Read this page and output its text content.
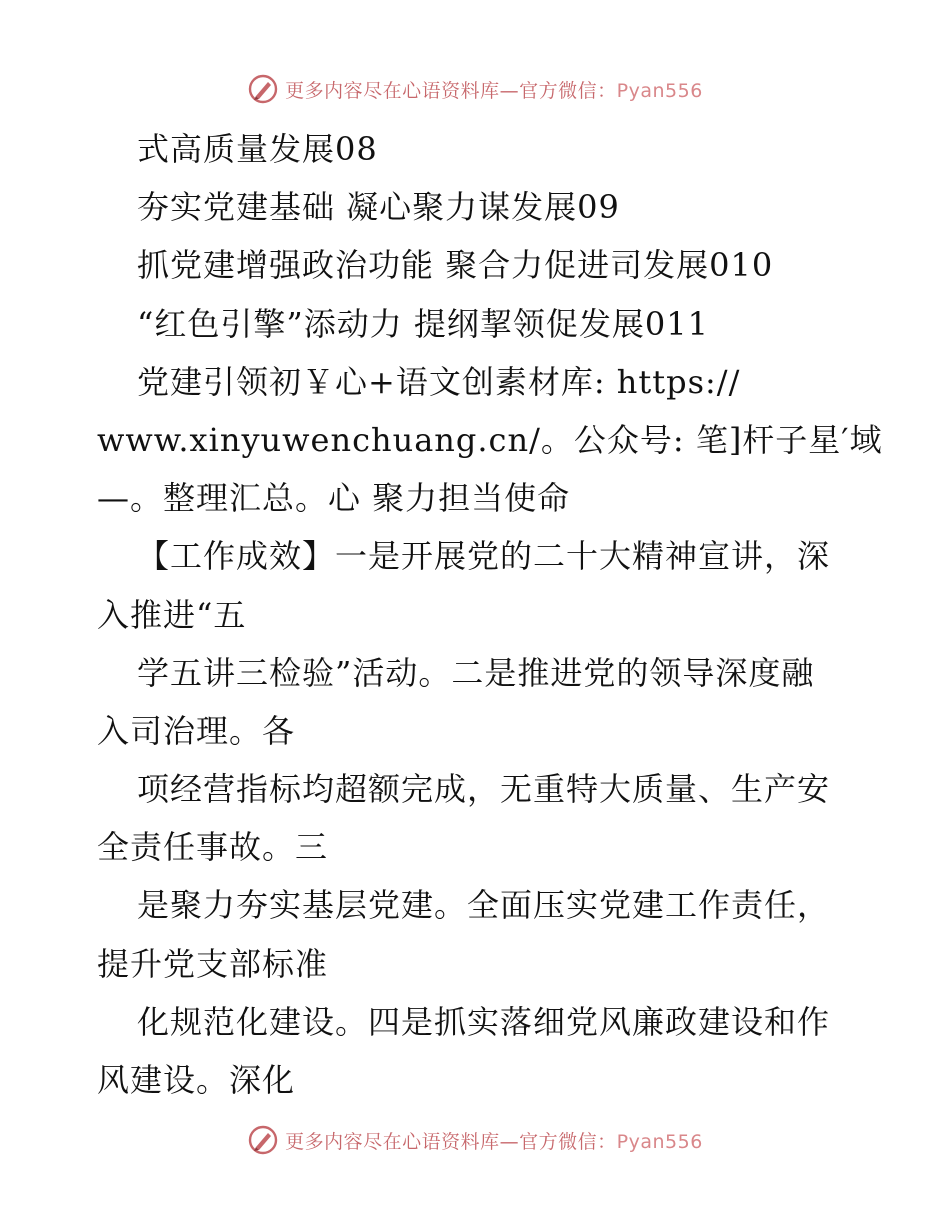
更多内容尽在心语资料库—官方微信：Pyan556
式高质量发展08
夯实党建基础 凝心聚力谋发展09
抓党建增强政治功能 聚合力促进司发展010
“红色引擎”添动力 提纲挈领促发展011
党建引领初￥心+语文创素材库: https://
www.xinyuwenchuang.cn/。公众号: 笔]杆子星′域
—。整理汇总。心 聚力担当使命
【工作成效】一是开展党的二十大精神宣讲，深
入推进“五
学五讲三检验”活动。二是推进党的领导深度融
入司治理。各
项经营指标均超额完成，无重特大质量、生产安
全责任事故。三
是聚力夯实基层党建。全面压实党建工作责任，
提升党支部标准
化规范化建设。四是抓实落细党风廉政建设和作
风建设。深化
更多内容尽在心语资料库—官方微信：Pyan556
